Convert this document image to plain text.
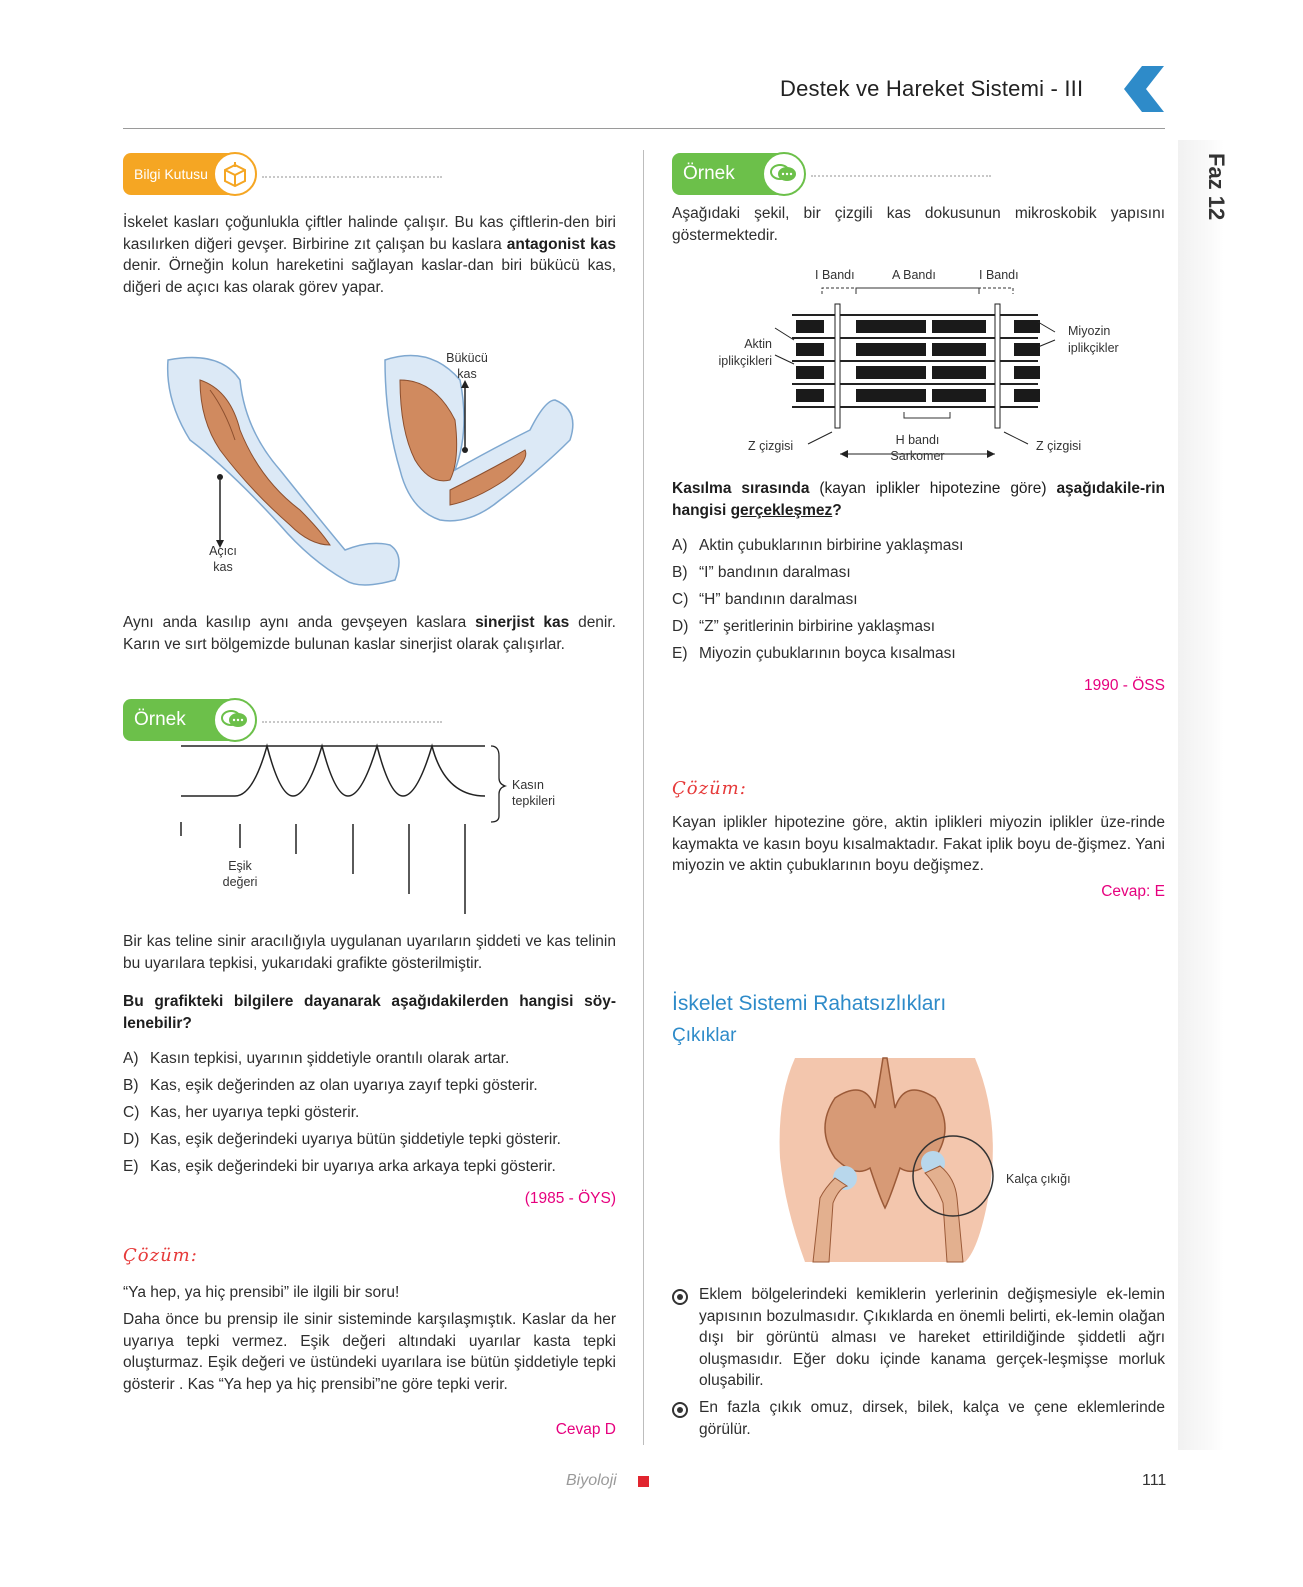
Destek ve Hareket Sistemi - III
Faz 12
Bilgi Kutusu
İskelet kasları çoğunlukla çiftler halinde çalışır. Bu kas çiftlerin-den biri kasılırken diğeri gevşer. Birbirine zıt çalışan bu kaslara antagonist kas denir. Örneğin kolun hareketini sağlayan kaslar-dan biri bükücü kas, diğeri de açıcı kas olarak görev yapar.
Bükücü
kas
Açıcı
kas
Aynı anda kasılıp aynı anda gevşeyen kaslara sinerjist kas denir. Karın ve sırt bölgemizde bulunan kaslar sinerjist olarak çalışırlar.
Örnek
Kasın
tepkileri
Eşik
değeri
Bir kas teline sinir aracılığıyla uygulanan uyarıların şiddeti ve kas telinin bu uyarılara tepkisi, yukarıdaki grafikte gösterilmiştir.
Bu grafikteki bilgilere dayanarak aşağıdakilerden hangisi söy-lenebilir?
A) Kasın tepkisi, uyarının şiddetiyle orantılı olarak artar.
B) Kas, eşik değerinden az olan uyarıya zayıf tepki gösterir.
C) Kas, her uyarıya tepki gösterir.
D) Kas, eşik değerindeki uyarıya bütün şiddetiyle tepki gösterir.
E) Kas, eşik değerindeki bir uyarıya arka arkaya tepki gösterir.
(1985 - ÖYS)
Çözüm:
“Ya hep, ya hiç prensibi” ile ilgili bir soru!
Daha önce bu prensip ile sinir sisteminde karşılaşmıştık. Kaslar da her uyarıya tepki vermez. Eşik değeri altındaki uyarılar kasta tepki oluşturmaz. Eşik değeri ve üstündeki uyarılara ise bütün şiddetiyle tepki gösterir . Kas “Ya hep ya hiç prensibi”ne göre tepki verir.
Cevap D
Örnek
Aşağıdaki şekil, bir çizgili kas dokusunun mikroskobik yapısını göstermektedir.
I Bandı	A Bandı	I Bandı
Aktin
iplikçikleri
Miyozin
iplikçikler
Z çizgisi	Z çizgisi
H bandı
Sarkomer
Kasılma sırasında (kayan iplikler hipotezine göre) aşağıdakile-rin hangisi gerçekleşmez?
A) Aktin çubuklarının birbirine yaklaşması
B) “I” bandının daralması
C) “H” bandının daralması
D) “Z” şeritlerinin birbirine yaklaşması
E) Miyozin çubuklarının boyca kısalması
1990 - ÖSS
Çözüm:
Kayan iplikler hipotezine göre, aktin iplikleri miyozin iplikler üze-rinde kaymakta ve kasın boyu kısalmaktadır. Fakat iplik boyu de-ğişmez. Yani miyozin ve aktin çubuklarının boyu değişmez.
Cevap: E
İskelet Sistemi Rahatsızlıkları
Çıkıklar
Kalça çıkığı
Eklem bölgelerindeki kemiklerin yerlerinin değişmesiyle ek-lemin yapısının bozulmasıdır. Çıkıklarda en önemli belirti, ek-lemin olağan dışı bir görüntü alması ve hareket ettirildiğinde şiddetli ağrı oluşmasıdır. Eğer doku içinde kanama gerçek-leşmişse morluk oluşabilir.
En fazla çıkık omuz, dirsek, bilek, kalça ve çene eklemlerinde görülür.
Biyoloji	111
